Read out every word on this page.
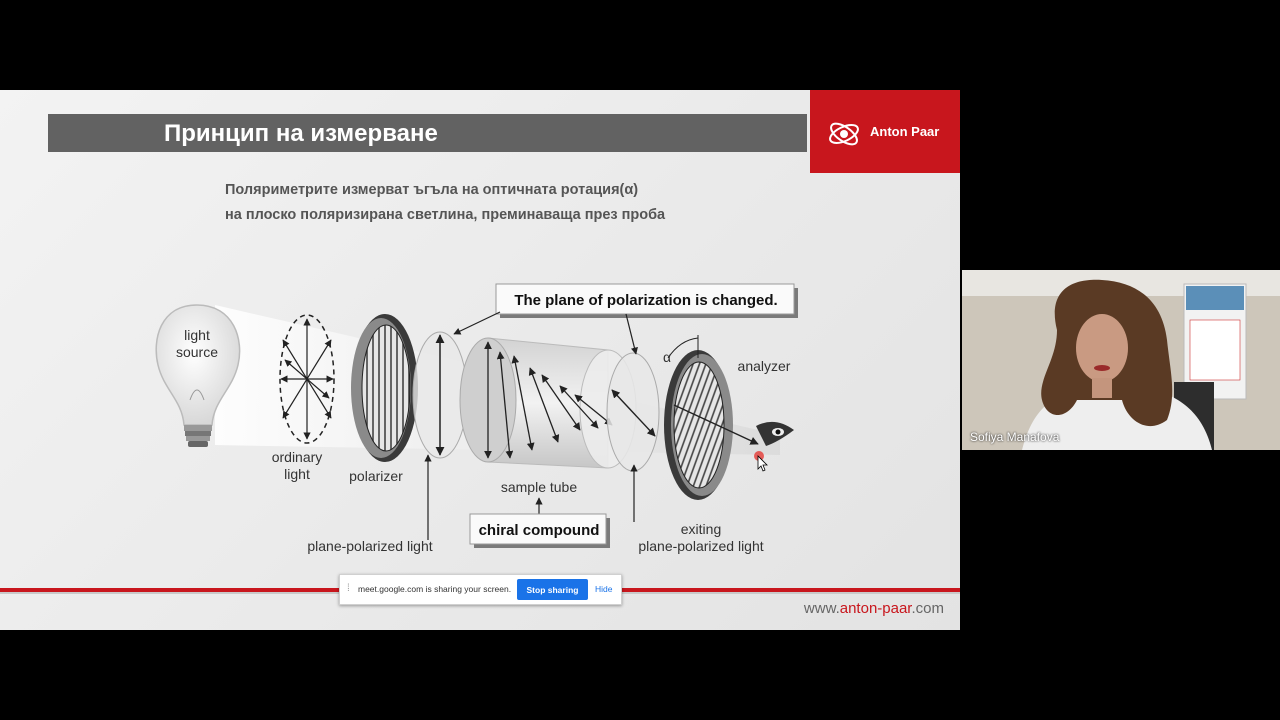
Принцип на измерване	Anton Paar
Поляриметрите измерват ъгъла на оптичната ротация(α)
на плоско поляризирана светлина, преминаваща през проба
light
source
ordinary
light	polarizer
sample tube
α
analyzer
The plane of polarization is changed.
plane-polarized light
chiral compound	exiting
plane-polarized light
www.anton-paar.com
⁞ meet.google.com is sharing your screen.	Stop sharing	Hide
Sofiya Manafova
